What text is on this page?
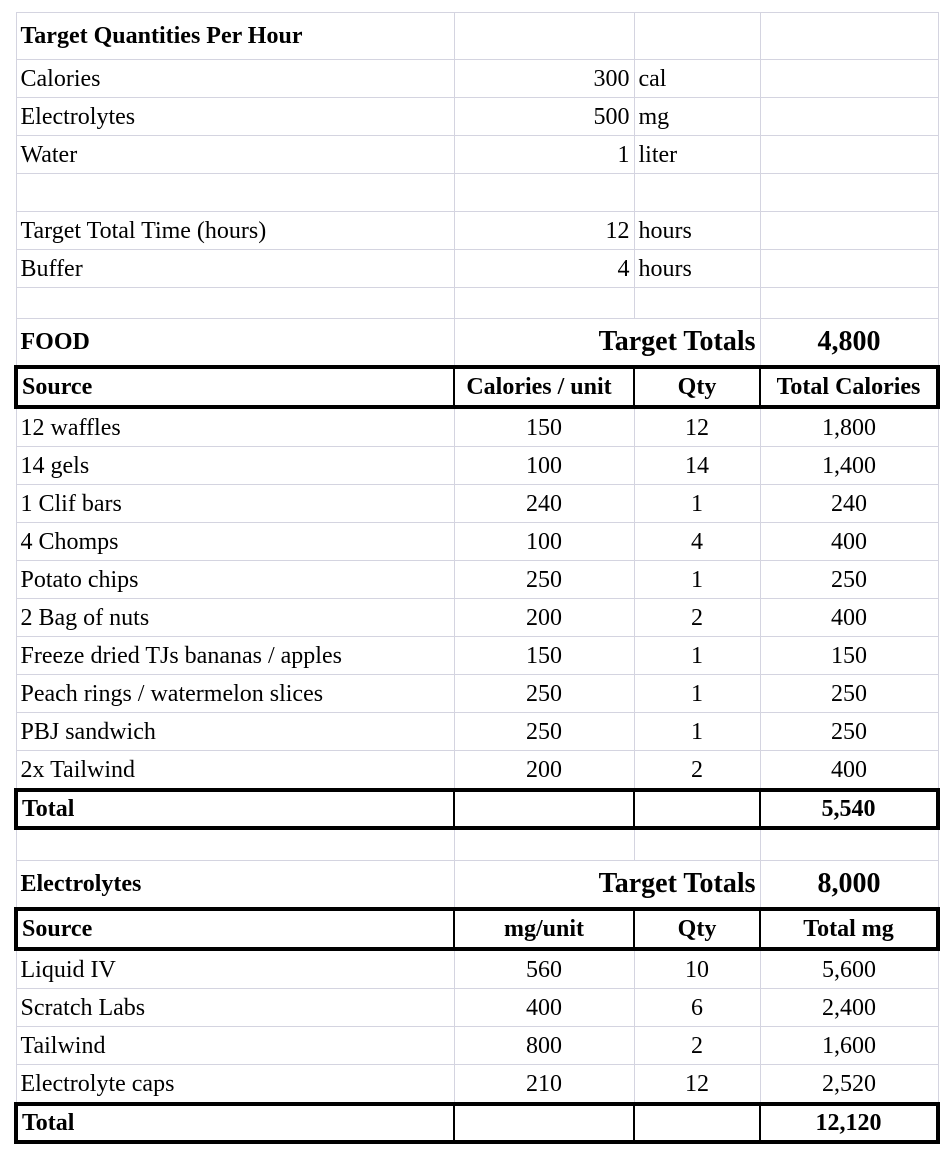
Target Quantities Per Hour			
Calories	300	cal	
Electrolytes	500	mg	
Water	1	liter	

Target Total Time (hours)	12	hours	
Buffer	4	hours	

FOOD	Target Totals		4,800
Source	Calories / unit	Qty	Total Calories
12 waffles	150	12	1,800
14 gels	100	14	1,400
1 Clif bars	240	1	240
4 Chomps	100	4	400
Potato chips	250	1	250
2 Bag of nuts	200	2	400
Freeze dried TJs bananas / apples	150	1	150
Peach rings / watermelon slices	250	1	250
PBJ sandwich	250	1	250
2x Tailwind	200	2	400
Total			5,540

Electrolytes	Target Totals		8,000
Source	mg/unit	Qty	Total mg
Liquid IV	560	10	5,600
Scratch Labs	400	6	2,400
Tailwind	800	2	1,600
Electrolyte caps	210	12	2,520
Total			12,120
